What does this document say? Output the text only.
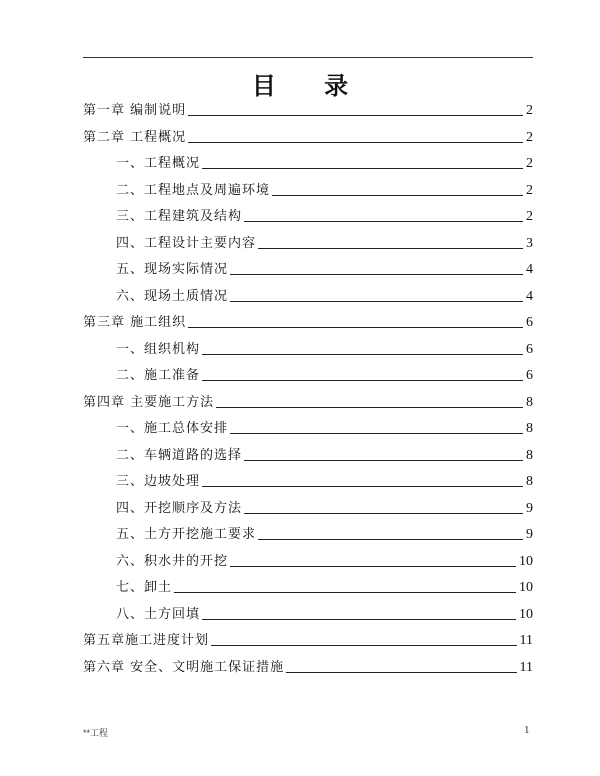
目 录
第一章 编制说明	2
第二章 工程概况	2
一、工程概况	2
二、工程地点及周遍环境	2
三、工程建筑及结构	2
四、工程设计主要内容	3
五、现场实际情况	4
六、现场土质情况	4
第三章 施工组织	6
一、组织机构	6
二、施工准备	6
第四章 主要施工方法	8
一、施工总体安排	8
二、车辆道路的选择	8
三、边坡处理	8
四、开挖顺序及方法	9
五、土方开挖施工要求	9
六、积水井的开挖	10
七、卸土	10
八、土方回填	10
第五章施工进度计划	11
第六章 安全、文明施工保证措施	11
**工程	1
